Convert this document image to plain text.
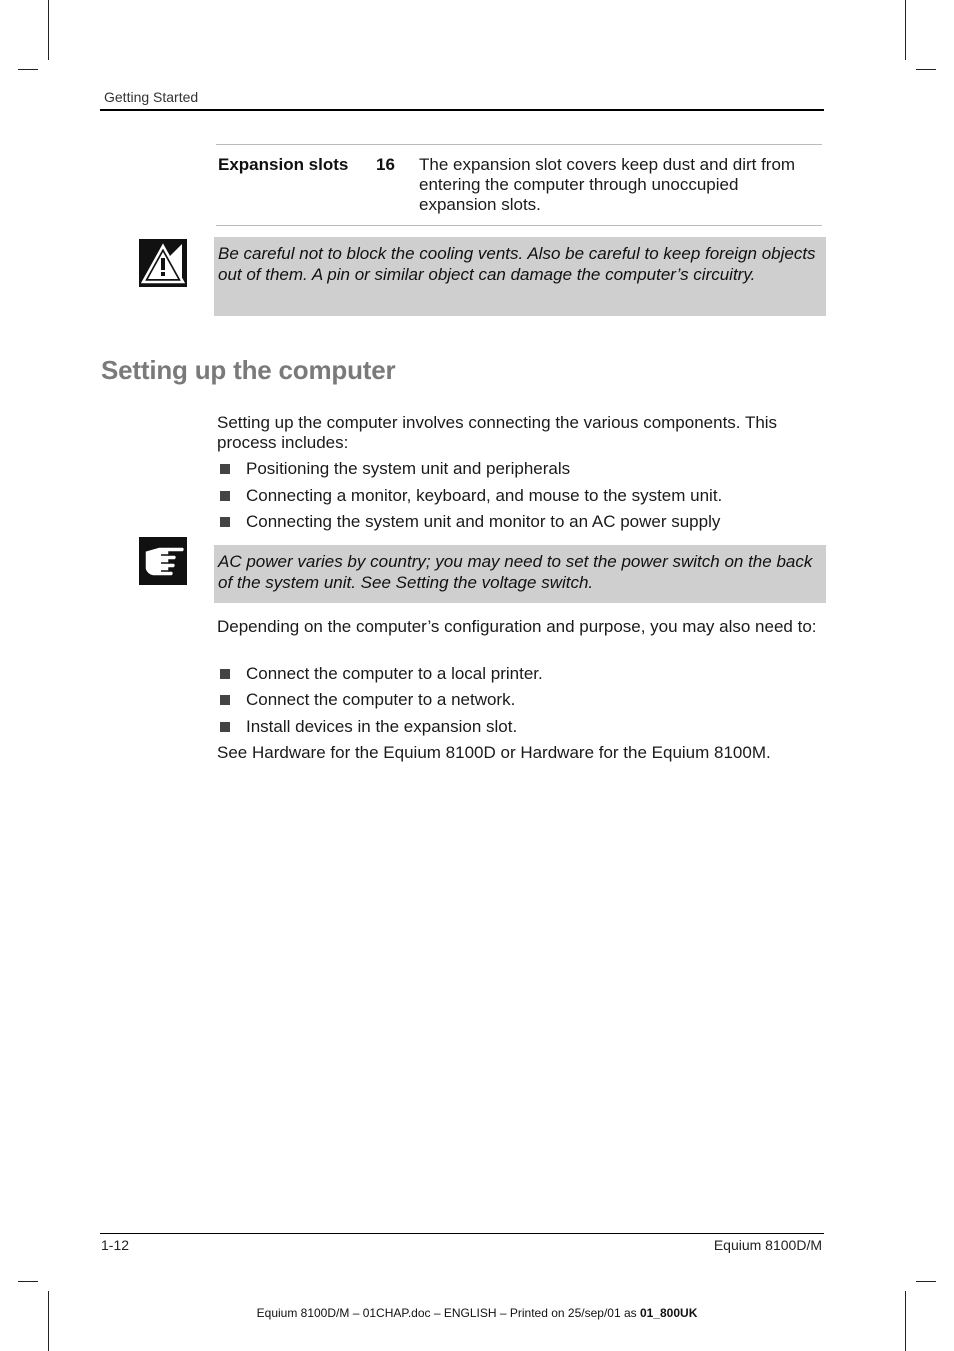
Getting Started
Expansion slots 16 The expansion slot covers keep dust and dirt from entering the computer through unoccupied expansion slots.
Be careful not to block the cooling vents. Also be careful to keep foreign objects out of them. A pin or similar object can damage the computer’s circuitry.
Setting up the computer
Setting up the computer involves connecting the various components. This process includes:
Positioning the system unit and peripherals
Connecting a monitor, keyboard, and mouse to the system unit.
Connecting the system unit and monitor to an AC power supply
AC power varies by country; you may need to set the power switch on the back of the system unit. See Setting the voltage switch.
Depending on the computer’s configuration and purpose, you may also need to:
Connect the computer to a local printer.
Connect the computer to a network.
Install devices in the expansion slot.
See Hardware for the Equium 8100D or Hardware for the Equium 8100M.
1-12	Equium 8100D/M
Equium 8100D/M – 01CHAP.doc – ENGLISH – Printed on 25/sep/01 as 01_800UK
